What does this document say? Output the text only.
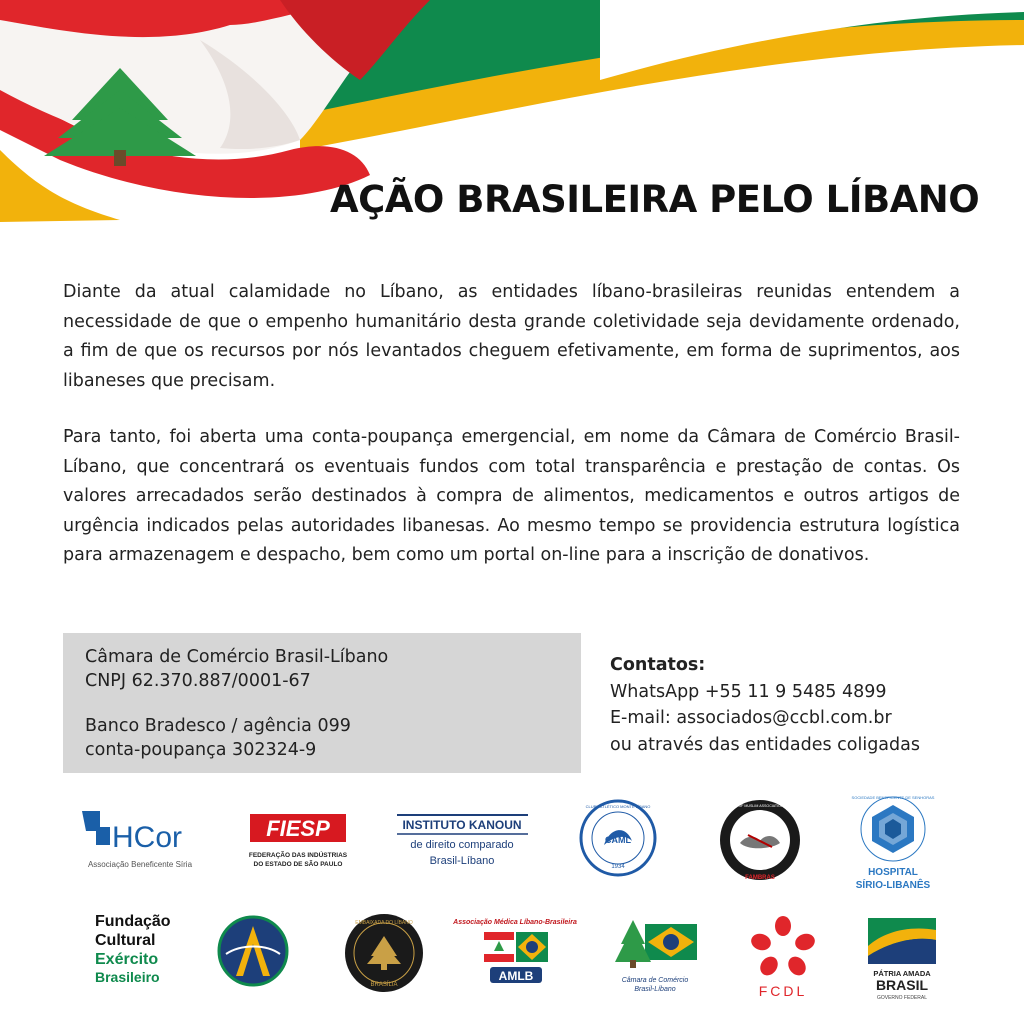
AÇÃO BRASILEIRA PELO LÍBANO

Diante da atual calamidade no Líbano, as entidades líbano-brasileiras reunidas entendem a necessidade de que o empenho humanitário desta grande coletividade seja devidamente ordenado, a fim de que os recursos por nós levantados cheguem efetivamente, em forma de suprimentos, aos libaneses que precisam.

Para tanto, foi aberta uma conta-poupança emergencial, em nome da Câmara de Comércio Brasil-Líbano, que concentrará os eventuais fundos com total transparência e prestação de contas. Os valores arrecadados serão destinados à compra de alimentos, medicamentos e outros artigos de urgência indicados pelas autoridades libanesas. Ao mesmo tempo se providencia estrutura logística para armazenagem e despacho, bem como um portal on-line para a inscrição de donativos.

Câmara de Comércio Brasil-Líbano
CNPJ 62.370.887/0001-67
Banco Bradesco / agência 099
conta-poupança 302324-9
Contatos:
WhatsApp +55 11 9 5485 4899
E-mail: associados@ccbl.com.br
ou através das entidades coligadas
HCor
Associação Beneficente Síria
FIESP
FEDERAÇÃO DAS INDÚSTRIAS
DO ESTADO DE SÃO PAULO
INSTITUTO KANOUN
de direito comparado
Brasil-Líbano
CAML
1934
CLUBE ATLÉTICO MONTE LÍBANO	FEDERATION OF MUSLIM ASSOCIATIONS OF BRAZIL
FAMBRAS
SOCIEDADE BENEFICENTE DE SENHORAS
HOSPITAL
SÍRIO-LIBANÊS
Fundação
Cultural
Exército
Brasileiro
EMBAIXADA DO LÍBANO
BRASÍLIA
Associação Médica Líbano-Brasileira
AMLB	Câmara de Comércio
Brasil-Líbano	FCDL
PÁTRIA AMADA
BRASIL
GOVERNO FEDERAL
